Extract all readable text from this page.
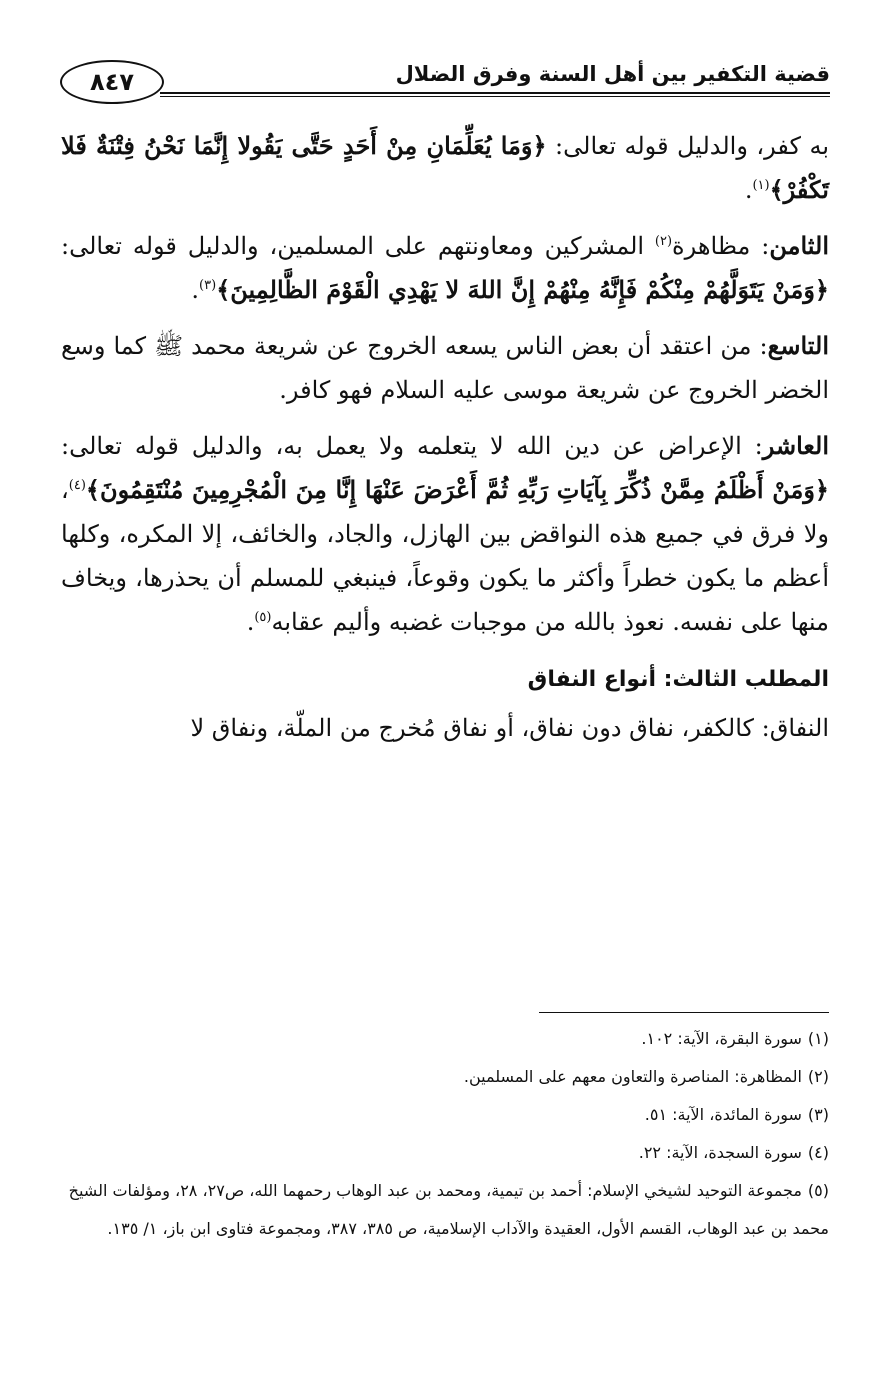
قضية التكفير بين أهل السنة وفرق الضلال
٨٤٧

به كفر، والدليل قوله تعالى: ﴿وَمَا يُعَلِّمَانِ مِنْ أَحَدٍ حَتَّى يَقُولا إِنَّمَا نَحْنُ فِتْنَةٌ فَلا تَكْفُرْ﴾$^{(١)}$.

الثامن: مظاهرة$^{(٢)}$ المشركين ومعاونتهم على المسلمين، والدليل قوله تعالى: ﴿وَمَنْ يَتَوَلَّهُمْ مِنْكُمْ فَإِنَّهُ مِنْهُمْ إِنَّ اللهَ لا يَهْدِي الْقَوْمَ الظَّالِمِينَ﴾$^{(٣)}$.

التاسع: من اعتقد أن بعض الناس يسعه الخروج عن شريعة محمد ﷺ كما وسع الخضر الخروج عن شريعة موسى عليه السلام فهو كافر.

العاشر: الإعراض عن دين الله لا يتعلمه ولا يعمل به، والدليل قوله تعالى: ﴿وَمَنْ أَظْلَمُ مِمَّنْ ذُكِّرَ بِآيَاتِ رَبِّهِ ثُمَّ أَعْرَضَ عَنْهَا إِنَّا مِنَ الْمُجْرِمِينَ مُنْتَقِمُونَ﴾$^{(٤)}$، ولا فرق في جميع هذه النواقض بين الهازل، والجاد، والخائف، إلا المكره، وكلها أعظم ما يكون خطراً وأكثر ما يكون وقوعاً، فينبغي للمسلم أن يحذرها، ويخاف منها على نفسه. نعوذ بالله من موجبات غضبه وأليم عقابه$^{(٥)}$.

المطلب الثالث: أنواع النفاق

النفاق: كالكفر، نفاق دون نفاق، أو نفاق مُخرج من الملّة، ونفاق لا

(١)سورة البقرة، الآية: ١٠٢.

(٢)المظاهرة: المناصرة والتعاون معهم على المسلمين.

(٣)سورة المائدة، الآية: ٥١.

(٤)سورة السجدة، الآية: ٢٢.

(٥)مجموعة التوحيد لشيخي الإسلام: أحمد بن تيمية، ومحمد بن عبد الوهاب رحمهما الله، ص٢٧، ٢٨، ومؤلفات الشيخ محمد بن عبد الوهاب، القسم الأول، العقيدة والآداب الإسلامية، ص ٣٨٥، ٣٨٧، ومجموعة فتاوى ابن باز، ١/ ١٣٥.
